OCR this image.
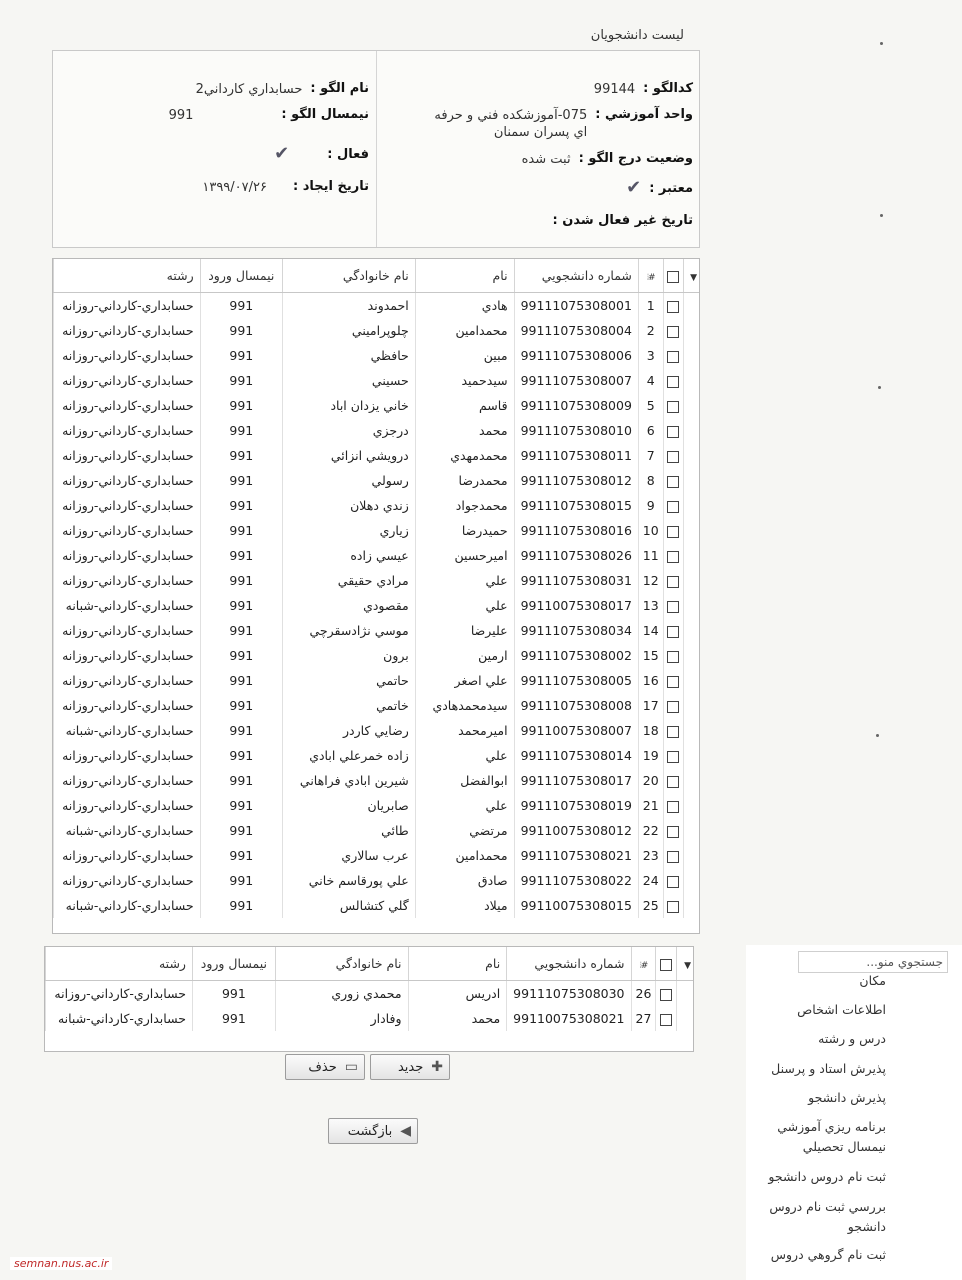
ليست دانشجويان
كدالگو :
99144
واحد آموزشي :
075-آموزشكده فني و حرفه اي پسران سمنان
وضعيت درج الگو :
ثبت شده
معتبر :
✔
تاريخ غير فعال شدن :
نام الگو :
حسابداري كارداني2
نيمسال الگو :
991
فعال :
✔
تاريخ ايجاد :
۱۳۹۹/۰۷/۲۶
▼		#⦙	شماره دانشجويي	نام	نام خانوادگي	نيمسال ورود	رشته
		1	99111075308001	هادي	احمدوند	991	حسابداري-كارداني-روزانه
		2	99111075308004	محمدامين	چلوپراميني	991	حسابداري-كارداني-روزانه
		3	99111075308006	مبين	حافظي	991	حسابداري-كارداني-روزانه
		4	99111075308007	سيدحميد	حسيني	991	حسابداري-كارداني-روزانه
		5	99111075308009	قاسم	خاني يزدان اباد	991	حسابداري-كارداني-روزانه
		6	99111075308010	محمد	درجزي	991	حسابداري-كارداني-روزانه
		7	99111075308011	محمدمهدي	درويشي انزائي	991	حسابداري-كارداني-روزانه
		8	99111075308012	محمدرضا	رسولي	991	حسابداري-كارداني-روزانه
		9	99111075308015	محمدجواد	زندي دهلان	991	حسابداري-كارداني-روزانه
		10	99111075308016	حميدرضا	زياري	991	حسابداري-كارداني-روزانه
		11	99111075308026	اميرحسين	عيسي زاده	991	حسابداري-كارداني-روزانه
		12	99111075308031	علي	مرادي حقيقي	991	حسابداري-كارداني-روزانه
		13	99110075308017	علي	مقصودي	991	حسابداري-كارداني-شبانه
		14	99111075308034	عليرضا	موسي نژادسقرچي	991	حسابداري-كارداني-روزانه
		15	99111075308002	ارمين	برون	991	حسابداري-كارداني-روزانه
		16	99111075308005	علي اصغر	حاتمي	991	حسابداري-كارداني-روزانه
		17	99111075308008	سيدمحمدهادي	خاتمي	991	حسابداري-كارداني-روزانه
		18	99110075308007	اميرمحمد	رضايي كاردر	991	حسابداري-كارداني-شبانه
		19	99111075308014	علي	زاده خمرعلي ابادي	991	حسابداري-كارداني-روزانه
		20	99111075308017	ابوالفضل	شيرين ابادي فراهاني	991	حسابداري-كارداني-روزانه
		21	99111075308019	علي	صابريان	991	حسابداري-كارداني-روزانه
		22	99110075308012	مرتضي	طائي	991	حسابداري-كارداني-شبانه
		23	99111075308021	محمدامين	عرب سالاري	991	حسابداري-كارداني-روزانه
		24	99111075308022	صادق	علي پورقاسم خاني	991	حسابداري-كارداني-روزانه
		25	99110075308015	ميلاد	گلي كتشالس	991	حسابداري-كارداني-شبانه
▼		#⦙	شماره دانشجويي	نام	نام خانوادگي	نيمسال ورود	رشته
		26	99111075308030	ادريس	محمدي زوري	991	حسابداري-كارداني-روزانه
		27	99110075308021	محمد	وفادار	991	حسابداري-كارداني-شبانه
✚
جديد
▭
حذف
◀
بازگشت
جستجوي منو...
مكان
اطلاعات اشخاص
درس و رشته
پذيرش استاد و پرسنل
پذيرش دانشجو
برنامه ريزي آموزشي نيمسال تحصيلي
ثبت نام دروس دانشجو
بررسي ثبت نام دروس دانشجو
ثبت نام گروهي دروس
semnan.nus.ac.ir
